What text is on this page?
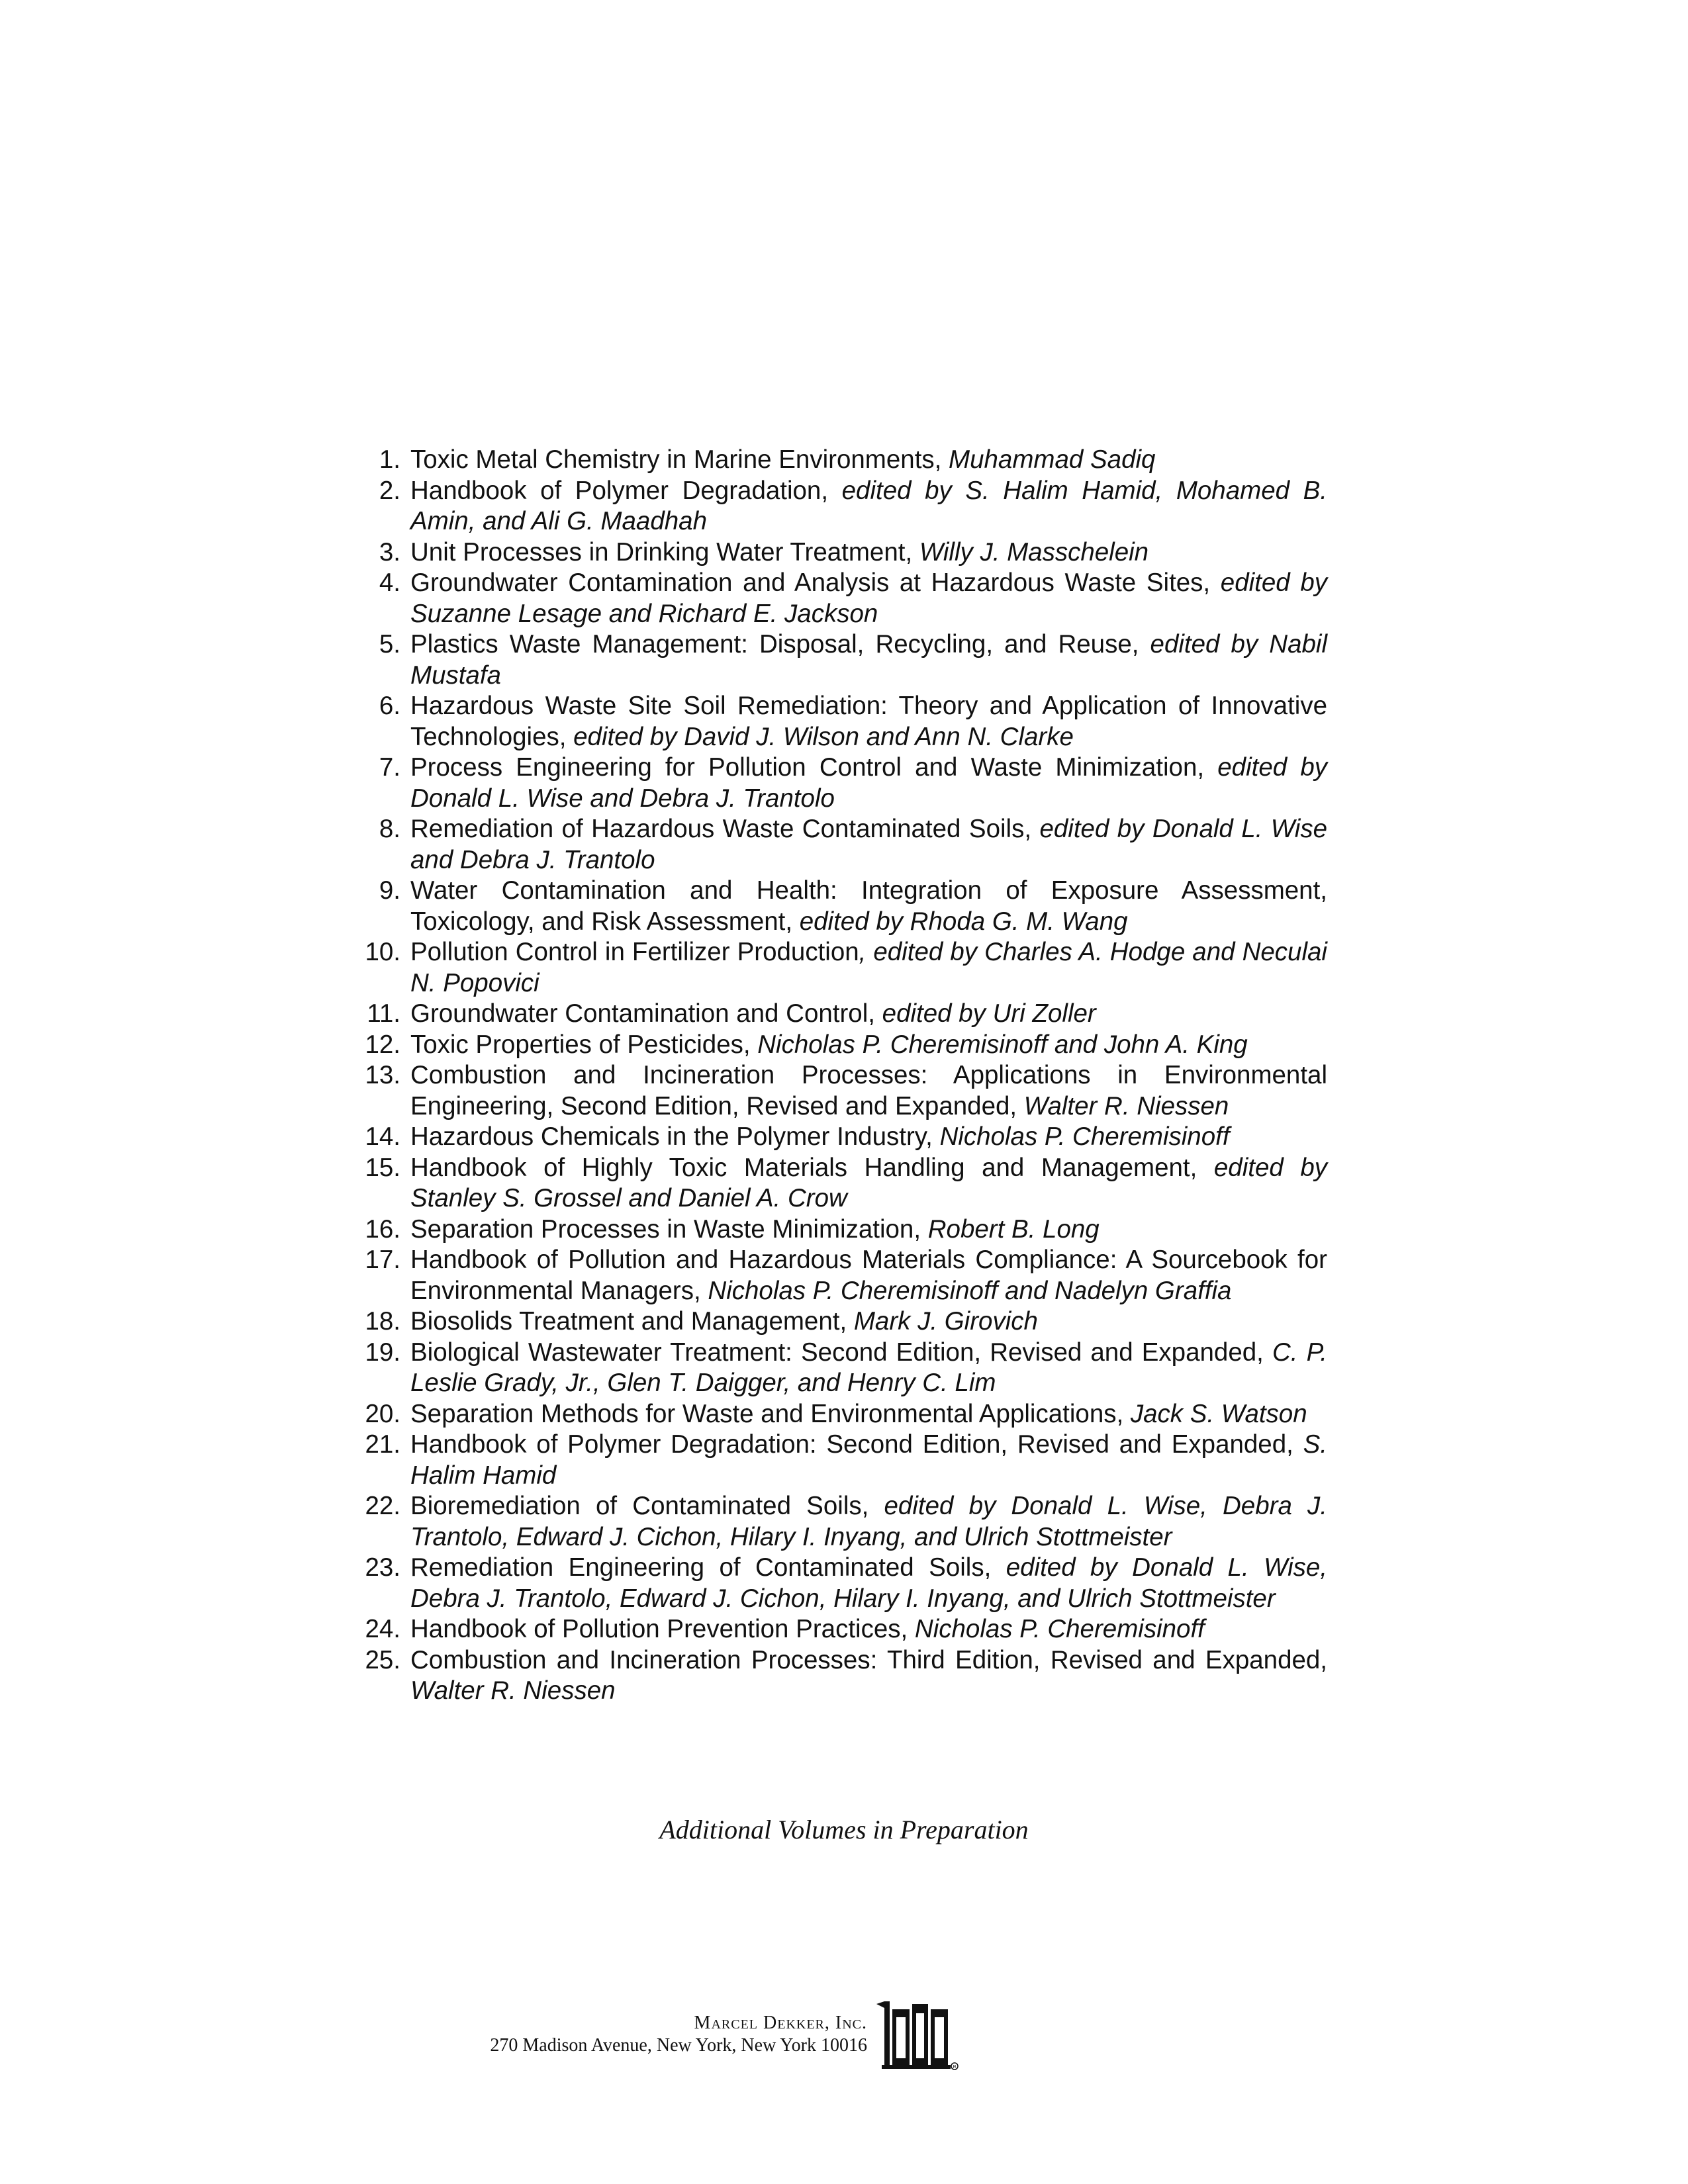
1. Toxic Metal Chemistry in Marine Environments, Muhammad Sadiq
2. Handbook of Polymer Degradation, edited by S. Halim Hamid, Mohamed B. Amin, and Ali G. Maadhah
3. Unit Processes in Drinking Water Treatment, Willy J. Masschelein
4. Groundwater Contamination and Analysis at Hazardous Waste Sites, edited by Suzanne Lesage and Richard E. Jackson
5. Plastics Waste Management: Disposal, Recycling, and Reuse, edited by Nabil Mustafa
6. Hazardous Waste Site Soil Remediation: Theory and Application of Innovative Technologies, edited by David J. Wilson and Ann N. Clarke
7. Process Engineering for Pollution Control and Waste Minimization, edited by Donald L. Wise and Debra J. Trantolo
8. Remediation of Hazardous Waste Contaminated Soils, edited by Donald L. Wise and Debra J. Trantolo
9. Water Contamination and Health: Integration of Exposure Assessment, Toxicology, and Risk Assessment, edited by Rhoda G. M. Wang
10. Pollution Control in Fertilizer Production, edited by Charles A. Hodge and Neculai N. Popovici
11. Groundwater Contamination and Control, edited by Uri Zoller
12. Toxic Properties of Pesticides, Nicholas P. Cheremisinoff and John A. King
13. Combustion and Incineration Processes: Applications in Environmental Engineering, Second Edition, Revised and Expanded, Walter R. Niessen
14. Hazardous Chemicals in the Polymer Industry, Nicholas P. Cheremisinoff
15. Handbook of Highly Toxic Materials Handling and Management, edited by Stanley S. Grossel and Daniel A. Crow
16. Separation Processes in Waste Minimization, Robert B. Long
17. Handbook of Pollution and Hazardous Materials Compliance: A Sourcebook for Environmental Managers, Nicholas P. Cheremisinoff and Nadelyn Graffia
18. Biosolids Treatment and Management, Mark J. Girovich
19. Biological Wastewater Treatment: Second Edition, Revised and Expanded, C. P. Leslie Grady, Jr., Glen T. Daigger, and Henry C. Lim
20. Separation Methods for Waste and Environmental Applications, Jack S. Watson
21. Handbook of Polymer Degradation: Second Edition, Revised and Expanded, S. Halim Hamid
22. Bioremediation of Contaminated Soils, edited by Donald L. Wise, Debra J. Trantolo, Edward J. Cichon, Hilary I. Inyang, and Ulrich Stottmeister
23. Remediation Engineering of Contaminated Soils, edited by Donald L. Wise, Debra J. Trantolo, Edward J. Cichon, Hilary I. Inyang, and Ulrich Stottmeister
24. Handbook of Pollution Prevention Practices, Nicholas P. Cheremisinoff
25. Combustion and Incineration Processes: Third Edition, Revised and Expanded, Walter R. Niessen
Additional Volumes in Preparation
Marcel Dekker, Inc.
270 Madison Avenue, New York, New York 10016
R
